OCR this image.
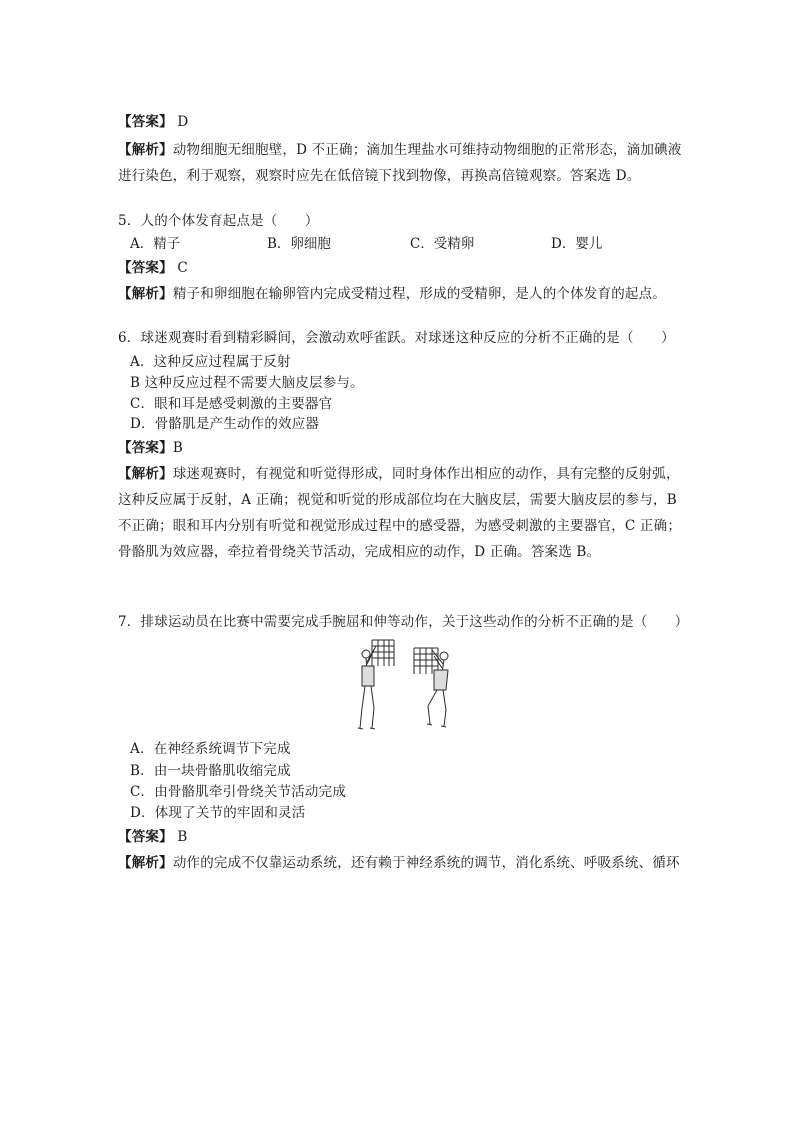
【答案】 D
【解析】动物细胞无细胞壁，D 不正确；滴加生理盐水可维持动物细胞的正常形态，滴加碘液
进行染色，利于观察，观察时应先在低倍镜下找到物像，再换高倍镜观察。答案选 D。
5．人的个体发育起点是（　　）
A．精子	B．卵细胞	C．受精卵	D．婴儿
【答案】 C
【解析】精子和卵细胞在输卵管内完成受精过程，形成的受精卵，是人的个体发育的起点。
6．球迷观赛时看到精彩瞬间，会激动欢呼雀跃。对球迷这种反应的分析不正确的是（　　）
A．这种反应过程属于反射
B 这种反应过程不需要大脑皮层参与。
C．眼和耳是感受刺激的主要器官
D．骨骼肌是产生动作的效应器
【答案】B
【解析】球迷观赛时，有视觉和听觉得形成，同时身体作出相应的动作，具有完整的反射弧，
这种反应属于反射，A 正确；视觉和听觉的形成部位均在大脑皮层，需要大脑皮层的参与，B
不正确；眼和耳内分别有听觉和视觉形成过程中的感受器，为感受刺激的主要器官，C 正确；
骨骼肌为效应器，牵拉着骨绕关节活动，完成相应的动作，D 正确。答案选 B。
7．排球运动员在比赛中需要完成手腕屈和伸等动作，关于这些动作的分析不正确的是（　　）
A．在神经系统调节下完成
B．由一块骨骼肌收缩完成
C．由骨骼肌牵引骨绕关节活动完成
D．体现了关节的牢固和灵活
【答案】 B
【解析】动作的完成不仅靠运动系统，还有赖于神经系统的调节，消化系统、呼吸系统、循环
